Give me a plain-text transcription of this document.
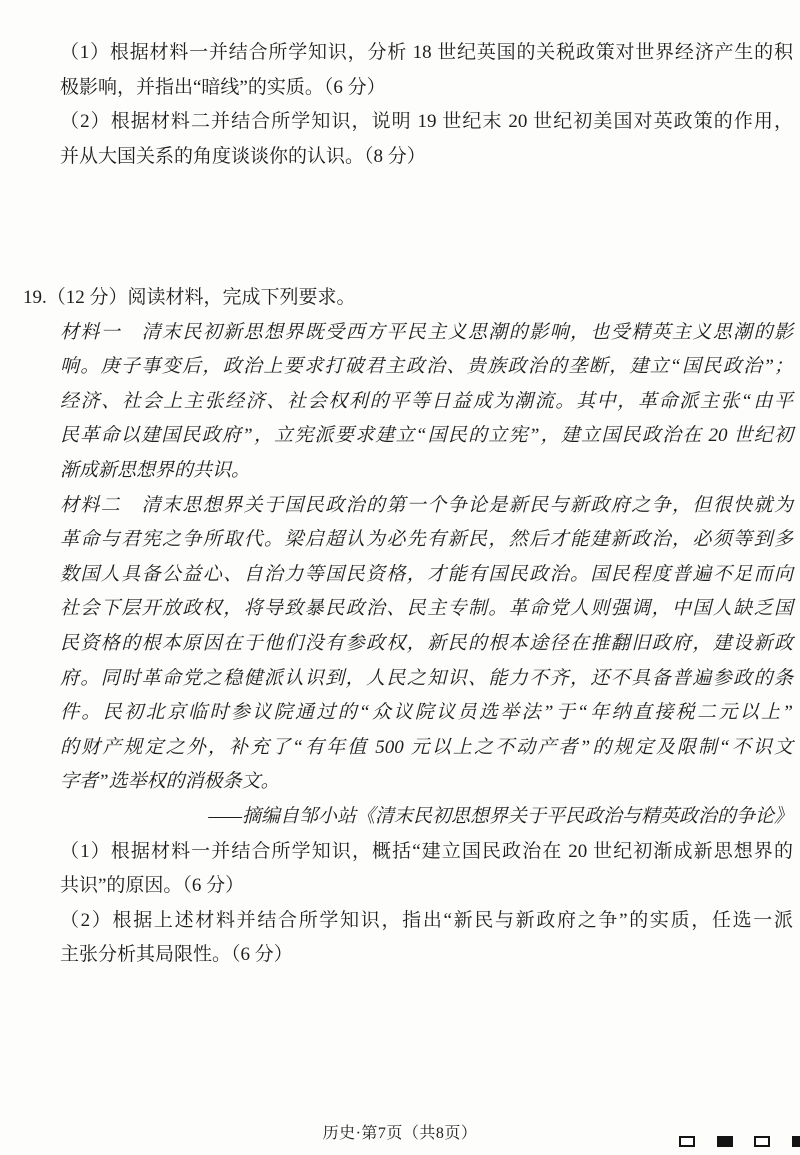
（1）根据材料一并结合所学知识，分析 18 世纪英国的关税政策对世界经济产生的积
极影响，并指出“暗线”的实质。（6 分）
（2）根据材料二并结合所学知识，说明 19 世纪末 20 世纪初美国对英政策的作用，
并从大国关系的角度谈谈你的认识。（8 分）
19.（12 分）阅读材料，完成下列要求。
材料一　清末民初新思想界既受西方平民主义思潮的影响，也受精英主义思潮的影
响。庚子事变后，政治上要求打破君主政治、贵族政治的垄断，建立“国民政治”；
经济、社会上主张经济、社会权利的平等日益成为潮流。其中，革命派主张“由平
民革命以建国民政府”，立宪派要求建立“国民的立宪”，建立国民政治在 20 世纪初
渐成新思想界的共识。
材料二　清末思想界关于国民政治的第一个争论是新民与新政府之争，但很快就为
革命与君宪之争所取代。梁启超认为必先有新民，然后才能建新政治，必须等到多
数国人具备公益心、自治力等国民资格，才能有国民政治。国民程度普遍不足而向
社会下层开放政权，将导致暴民政治、民主专制。革命党人则强调，中国人缺乏国
民资格的根本原因在于他们没有参政权，新民的根本途径在推翻旧政府，建设新政
府。同时革命党之稳健派认识到，人民之知识、能力不齐，还不具备普遍参政的条
件。民初北京临时参议院通过的“众议院议员选举法”于“年纳直接税二元以上”
的财产规定之外，补充了“有年值 500 元以上之不动产者”的规定及限制“不识文
字者”选举权的消极条文。
——摘编自邹小站《清末民初思想界关于平民政治与精英政治的争论》
（1）根据材料一并结合所学知识，概括“建立国民政治在 20 世纪初渐成新思想界的
共识”的原因。（6 分）
（2）根据上述材料并结合所学知识，指出“新民与新政府之争”的实质，任选一派
主张分析其局限性。（6 分）
历史·第7页（共8页）
